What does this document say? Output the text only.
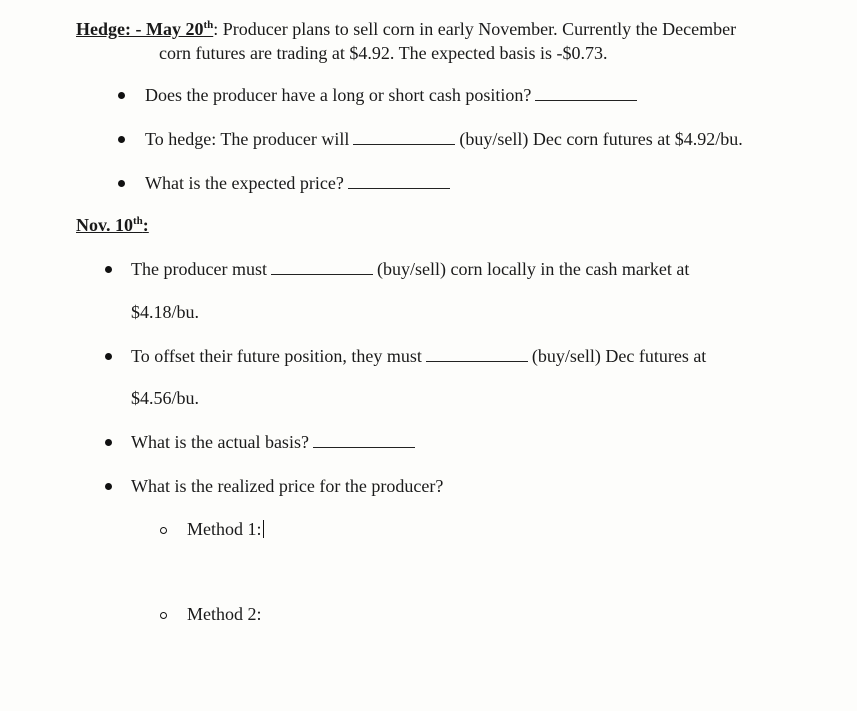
Hedge: - May 20th: Producer plans to sell corn in early November. Currently the December
corn futures are trading at $4.92. The expected basis is -$0.73.
Does the producer have a long or short cash position?
To hedge: The producer will	(buy/sell) Dec corn futures at $4.92/bu.
What is the expected price?
Nov. 10th:
The producer must	(buy/sell) corn locally in the cash market at
$4.18/bu.
To offset their future position, they must	(buy/sell) Dec futures at
$4.56/bu.
What is the actual basis?
What is the realized price for the producer?
Method 1:
Method 2:
